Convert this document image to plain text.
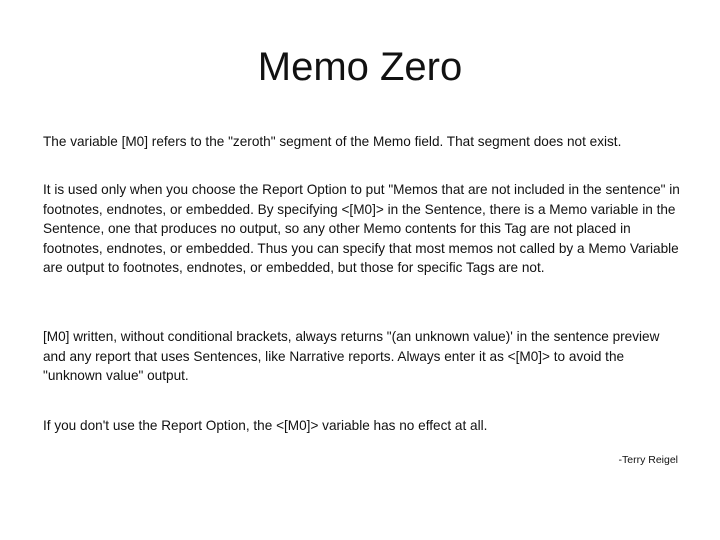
Memo Zero

The variable [M0] refers to the "zeroth" segment of the Memo field. That segment does not exist.

It is used only when you choose the Report Option to put "Memos that are not included in the sentence" in footnotes, endnotes, or embedded. By specifying <[M0]> in the Sentence, there is a Memo variable in the Sentence, one that produces no output, so any other Memo contents for this Tag are not placed in footnotes, endnotes, or embedded. Thus you can specify that most memos not called by a Memo Variable are output to footnotes, endnotes, or embedded, but those for specific Tags are not.

[M0] written, without conditional brackets, always returns "(an unknown value)' in the sentence preview and any report that uses Sentences, like Narrative reports. Always enter it as <[M0]> to avoid the "unknown value" output.

If you don't use the Report Option, the <[M0]> variable has no effect at all.

-Terry Reigel
